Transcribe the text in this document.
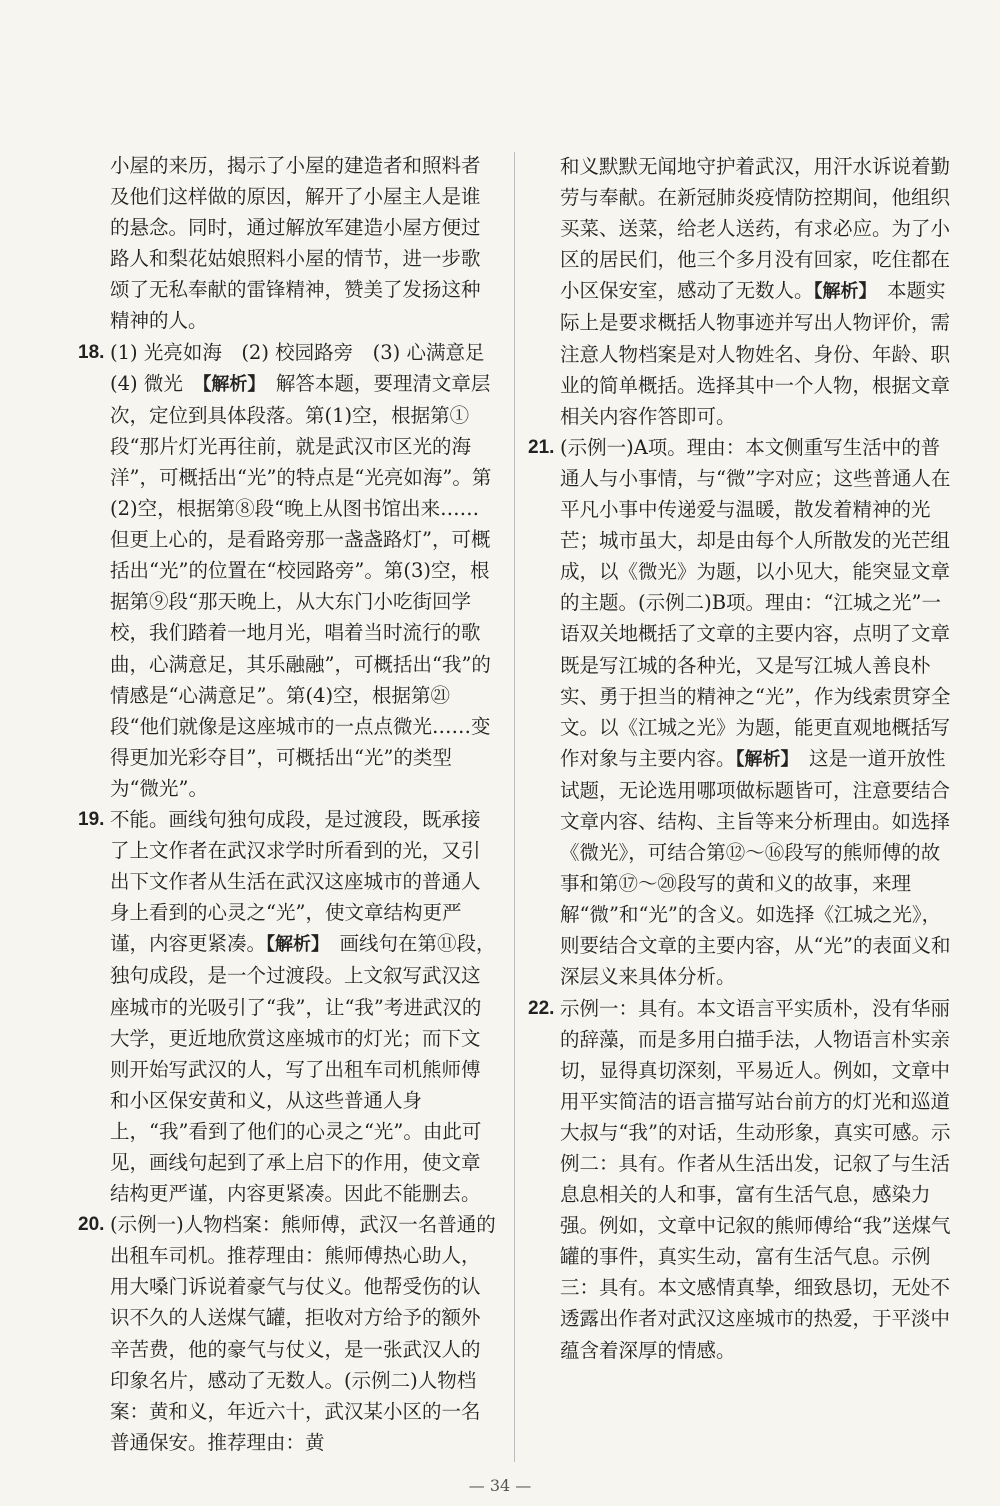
小屋的来历，揭示了小屋的建造者和照料者及他们这样做的原因，解开了小屋主人是谁的悬念。同时，通过解放军建造小屋方便过路人和梨花姑娘照料小屋的情节，进一步歌颂了无私奉献的雷锋精神，赞美了发扬这种精神的人。

18. (1) 光亮如海　(2) 校园路旁　(3) 心满意足　(4) 微光　【解析】　解答本题，要理清文章层次，定位到具体段落。第(1)空，根据第①段“那片灯光再往前，就是武汉市区光的海洋”，可概括出“光”的特点是“光亮如海”。第(2)空，根据第⑧段“晚上从图书馆出来……但更上心的，是看路旁那一盏盏路灯”，可概括出“光”的位置在“校园路旁”。第(3)空，根据第⑨段“那天晚上，从大东门小吃街回学校，我们踏着一地月光，唱着当时流行的歌曲，心满意足，其乐融融”，可概括出“我”的情感是“心满意足”。第(4)空，根据第㉑段“他们就像是这座城市的一点点微光……变得更加光彩夺目”，可概括出“光”的类型为“微光”。

19. 不能。画线句独句成段，是过渡段，既承接了上文作者在武汉求学时所看到的光，又引出下文作者从生活在武汉这座城市的普通人身上看到的心灵之“光”，使文章结构更严谨，内容更紧凑。【解析】　画线句在第⑪段，独句成段，是一个过渡段。上文叙写武汉这座城市的光吸引了“我”，让“我”考进武汉的大学，更近地欣赏这座城市的灯光；而下文则开始写武汉的人，写了出租车司机熊师傅和小区保安黄和义，从这些普通人身上，“我”看到了他们的心灵之“光”。由此可见，画线句起到了承上启下的作用，使文章结构更严谨，内容更紧凑。因此不能删去。

20. (示例一)人物档案：熊师傅，武汉一名普通的出租车司机。推荐理由：熊师傅热心助人，用大嗓门诉说着豪气与仗义。他帮受伤的认识不久的人送煤气罐，拒收对方给予的额外辛苦费，他的豪气与仗义，是一张武汉人的印象名片，感动了无数人。(示例二)人物档案：黄和义，年近六十，武汉某小区的一名普通保安。推荐理由：黄

和义默默无闻地守护着武汉，用汗水诉说着勤劳与奉献。在新冠肺炎疫情防控期间，他组织买菜、送菜，给老人送药，有求必应。为了小区的居民们，他三个多月没有回家，吃住都在小区保安室，感动了无数人。【解析】　本题实际上是要求概括人物事迹并写出人物评价，需注意人物档案是对人物姓名、身份、年龄、职业的简单概括。选择其中一个人物，根据文章相关内容作答即可。

21. (示例一)A项。理由：本文侧重写生活中的普通人与小事情，与“微”字对应；这些普通人在平凡小事中传递爱与温暖，散发着精神的光芒；城市虽大，却是由每个人所散发的光芒组成，以《微光》为题，以小见大，能突显文章的主题。(示例二)B项。理由：“江城之光”一语双关地概括了文章的主要内容，点明了文章既是写江城的各种光，又是写江城人善良朴实、勇于担当的精神之“光”，作为线索贯穿全文。以《江城之光》为题，能更直观地概括写作对象与主要内容。【解析】　这是一道开放性试题，无论选用哪项做标题皆可，注意要结合文章内容、结构、主旨等来分析理由。如选择《微光》，可结合第⑫～⑯段写的熊师傅的故事和第⑰～⑳段写的黄和义的故事，来理解“微”和“光”的含义。如选择《江城之光》，则要结合文章的主要内容，从“光”的表面义和深层义来具体分析。

22. 示例一：具有。本文语言平实质朴，没有华丽的辞藻，而是多用白描手法，人物语言朴实亲切，显得真切深刻，平易近人。例如，文章中用平实简洁的语言描写站台前方的灯光和巡道大叔与“我”的对话，生动形象，真实可感。示例二：具有。作者从生活出发，记叙了与生活息息相关的人和事，富有生活气息，感染力强。例如，文章中记叙的熊师傅给“我”送煤气罐的事件，真实生动，富有生活气息。示例三：具有。本文感情真挚，细致恳切，无处不透露出作者对武汉这座城市的热爱，于平淡中蕴含着深厚的情感。

— 34 —
